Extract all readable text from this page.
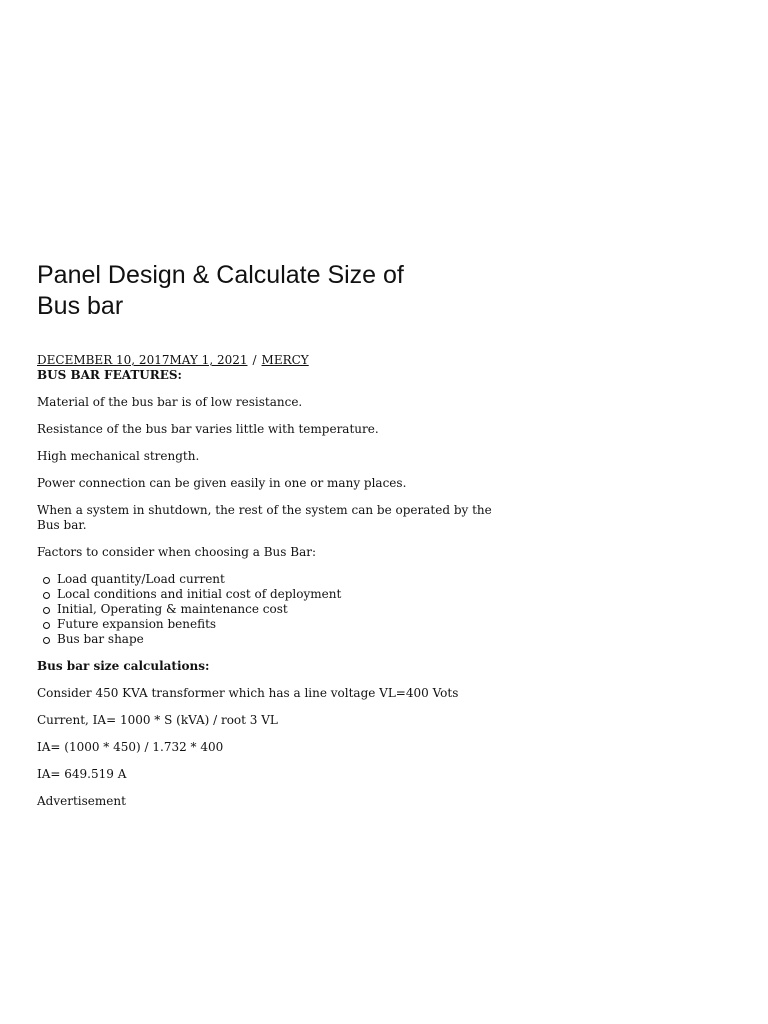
Panel Design & Calculate Size of Bus bar
DECEMBER 10, 2017MAY 1, 2021 / MERCY

BUS BAR FEATURES:

Material of the bus bar is of low resistance.

Resistance of the bus bar varies little with temperature.

High mechanical strength.

Power connection can be given easily in one or many places.

When a system in shutdown, the rest of the system can be operated by the Bus bar.

Factors to consider when choosing a Bus Bar:

Load quantity/Load current
Local conditions and initial cost of deployment
Initial, Operating & maintenance cost
Future expansion benefits
Bus bar shape

Bus bar size calculations:

Consider 450 KVA transformer which has a line voltage VL=400 Vots

Current, IA= 1000 * S (kVA) / root 3 VL

IA= (1000 * 450) / 1.732 * 400

IA= 649.519 A

Advertisement
